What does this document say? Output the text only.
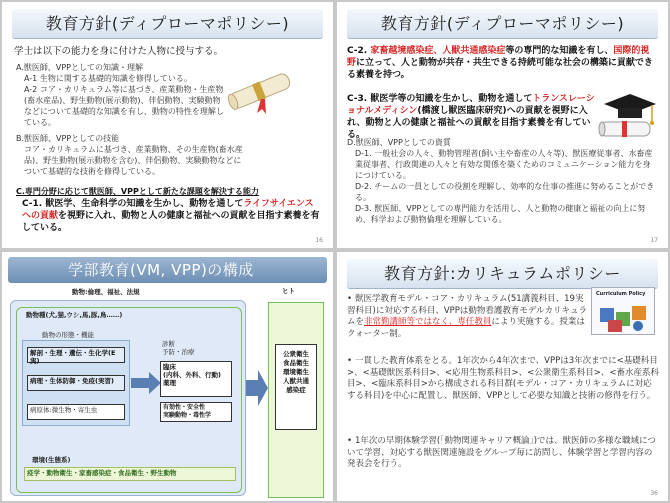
教育方針(ディプローマポリシー)
学士は以下の能力を身に付けた人物に授与する。
A.獣医師、VPPとしての知識・理解
A-1 生物に関する基礎的知識を修得している。
A-2 コア・カリキュラム等に基づき、産業動物・生産物(畜水産品)、野生動物(展示動物)、伴侶動物、実験動物などについて基礎的な知識を有し、動物の特性を理解している。
B.獣医師、VPPとしての技能
コア・カリキュラムに基づき、産業動物、その生産物(畜水産品)、野生動物(展示動物を含む)、伴侶動物、実験動物などについて基礎的な技術を修得している。
C.専門分野に応じて獣医師、VPPとして新たな課題を解決する能力
C-1. 獣医学、生命科学の知識を生かし、動物を通してライフサイエンスへの貢献を視野に入れ、動物と人の健康と福祉への貢献を目指す素養を有している。
16
教育方針(ディプローマポリシー)
C-2. 家畜越境感染症、人獣共通感染症等の専門的な知識を有し、国際的視野に立って、人と動物が共存・共生できる持続可能な社会の構築に貢献できる素養を持つ。
C-3. 獣医学等の知識を生かし、動物を通してトランスレーショナルメディシン(橋渡し獣医臨床研究)への貢献を視野に入れ、動物と人の健康と福祉への貢献を目指す素養を有している。
D.獣医師、VPPとしての資質
D-1. 一般社会の人々、動物管理者(飼い主や畜産の人々等)、獣医療従事者、水畜産業従事者、行政関連の人々と有効な関係を築くためのコミュニケーション能力を身につけている。
D-2. チームの一員としての役割を理解し、効率的な仕事の推進に努めることができる。
D-3. 獣医師、VPPとしての専門能力を活用し、人と動物の健康と福祉の向上に努め、科学および動物倫理を理解している。
17
学部教育(VM, VPP)の構成
動物:倫理、福祉、法規	ヒト
動物種(犬,猫,ウシ,馬,豚,鳥……)
動物の形態・機能
解剖・生理・遺伝・生化学(E実)
病理・生体防御・免疫(実習)
病原体:微生物・寄生虫
診断
予防・治療
臨床
(内科、外科、行動)
薬理
有効性・安全性
実験動物・毒性学
環境(生態系)
疫学・動物衛生・家畜感染症・食品衛生・野生動物
公衆衛生
食品衛生
環境衛生
人獣共通
感染症
教育方針:カリキュラムポリシー
Curriculum Policy
• 獣医学教育モデル・コア・カリキュラム(51講義科目、19実習科目)に対応する科目、VPPは動物看護教育モデルカリキュラムを非常勤講師等ではなく、専任教員により実施する。授業はクォーター制。
• 一貫した教育体系をとる。1年次から4年次まで、VPPは3年次までに<基礎科目>、<基礎獣医系科目>、<応用生物系科目>、<公衆衛生系科目>、<畜水産系科目>、<臨床系科目>から構成される科目群(モデル・コア・カリキュラムに対応する科目)を中心に配置し、獣医師、VPPとして必要な知識と技術の修得を行う。
• 1年次の早期体験学習(「動物関連キャリア概論」)では、獣医師の多様な職域について学習、対応する獣医関連施設をグループ毎に訪問し、体験学習と学習内容の発表会を行う。
36
